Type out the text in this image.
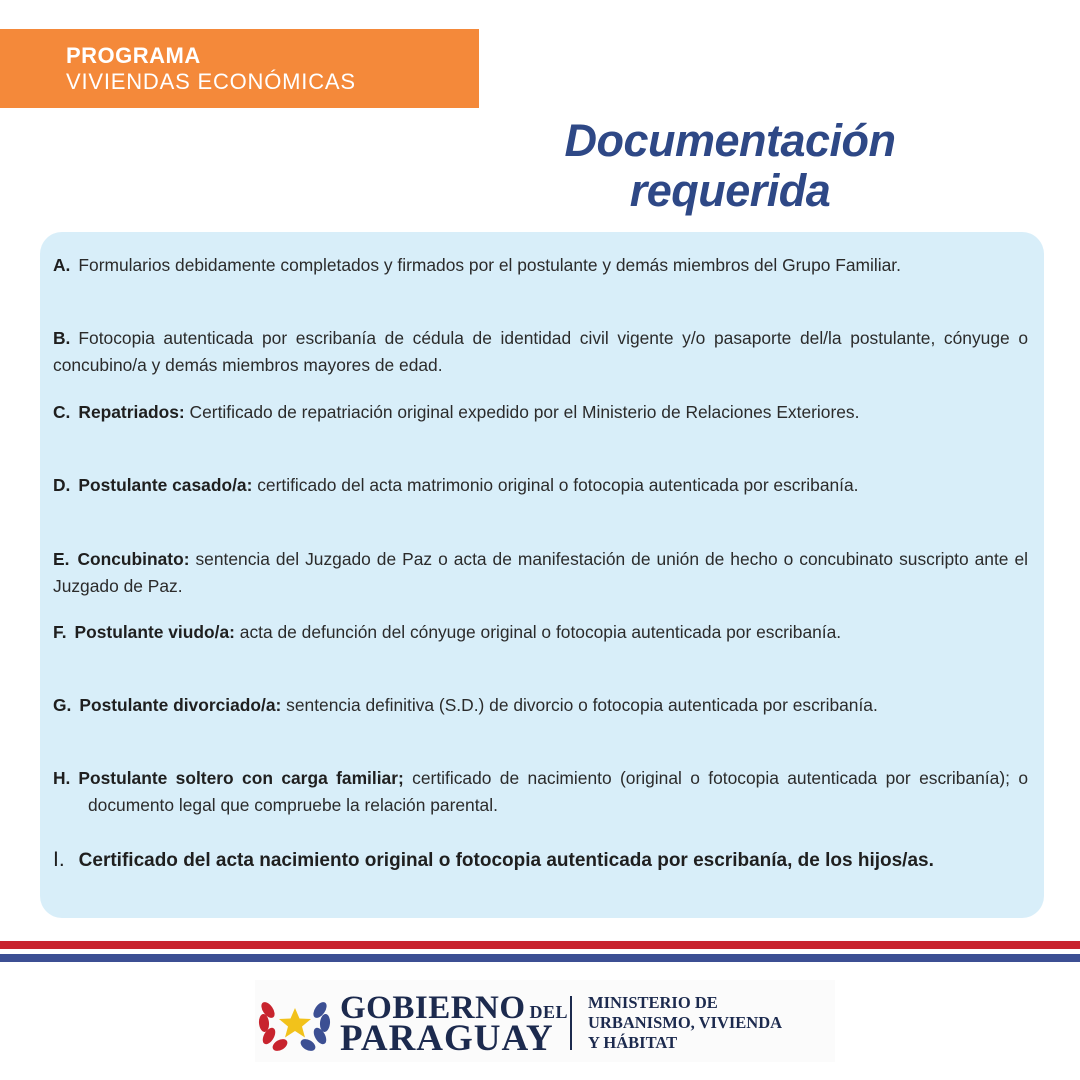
PROGRAMA
VIVIENDAS ECONÓMICAS
Documentación
requerida
A. Formularios debidamente completados y firmados por el postulante y demás miembros del Grupo Familiar.
B. Fotocopia autenticada por escribanía de cédula de identidad civil vigente y/o pasaporte del/la postulante, cónyuge o concubino/a y demás miembros mayores de edad.
C. Repatriados: Certificado de repatriación original expedido por el Ministerio de Relaciones Exteriores.
D. Postulante casado/a: certificado del acta matrimonio original o fotocopia autenticada por escribanía.
E. Concubinato: sentencia del Juzgado de Paz o acta de manifestación de unión de hecho o concubinato suscripto ante el Juzgado de Paz.
F. Postulante viudo/a: acta de defunción del cónyuge original o fotocopia autenticada por escribanía.
G. Postulante divorciado/a: sentencia definitiva (S.D.) de divorcio o fotocopia autenticada por escribanía.
H. Postulante soltero con carga familiar; certificado de nacimiento (original o fotocopia autenticada por escribanía); o documento legal que compruebe la relación parental.
I. Certificado del acta nacimiento original o fotocopia autenticada por escribanía, de los hijos/as.
GOBIERNO DEL
PARAGUAY
MINISTERIO DE
URBANISMO, VIVIENDA
Y HÁBITAT
